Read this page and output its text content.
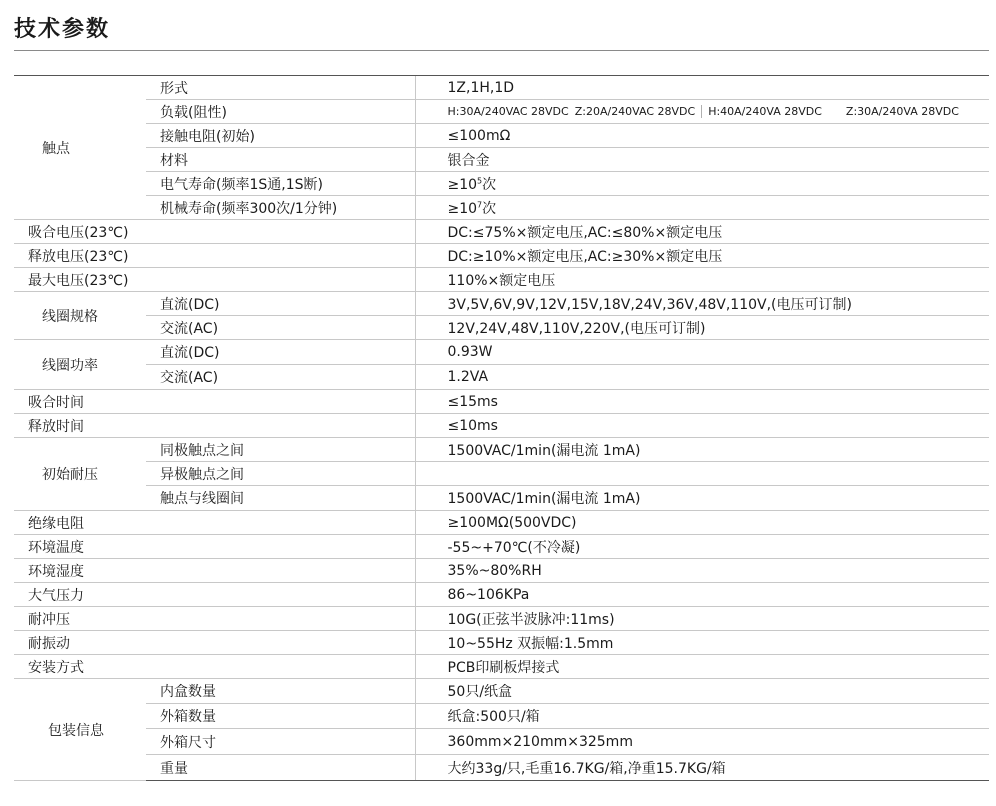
技术参数
触点	形式	1Z,1H,1D
	负载(阻性)	H:30A/240VAC 28VDC Z:20A/240VAC 28VDC H:40A/240VA 28VDC Z:30A/240VA 28VDC

	接触电阻(初始)	≤100mΩ
	材料	银合金
	电气寿命(频率1S通,1S断)	$\ge 10^5$次
	机械寿命(频率300次/1分钟)	$\ge 10^7$次
吸合电压(23℃)		DC:≤75%×额定电压,AC:≤80%×额定电压
释放电压(23℃)		DC:≥10%×额定电压,AC:≥30%×额定电压
最大电压(23℃)		110%×额定电压
线圈规格	直流(DC)	3V,5V,6V,9V,12V,15V,18V,24V,36V,48V,110V,(电压可订制)
	交流(AC)	12V,24V,48V,110V,220V,(电压可订制)
线圈功率	直流(DC)	0.93W
	交流(AC)	1.2VA
吸合时间		≤15ms
释放时间		≤10ms
初始耐压	同极触点之间	1500VAC/1min(漏电流 1mA)
	异极触点之间	
	触点与线圈间	1500VAC/1min(漏电流 1mA)
绝缘电阻		≥100MΩ(500VDC)
环境温度		-55~+70℃(不冷凝)
环境湿度		35%~80%RH
大气压力		86~106KPa
耐冲压		10G(正弦半波脉冲:11ms)
耐振动		10~55Hz 双振幅:1.5mm
安装方式		PCB印刷板焊接式
包装信息	内盒数量	50只/纸盒
	外箱数量	纸盒:500只/箱
	外箱尺寸	360mm×210mm×325mm
	重量	大约33g/只,毛重16.7KG/箱,净重15.7KG/箱
